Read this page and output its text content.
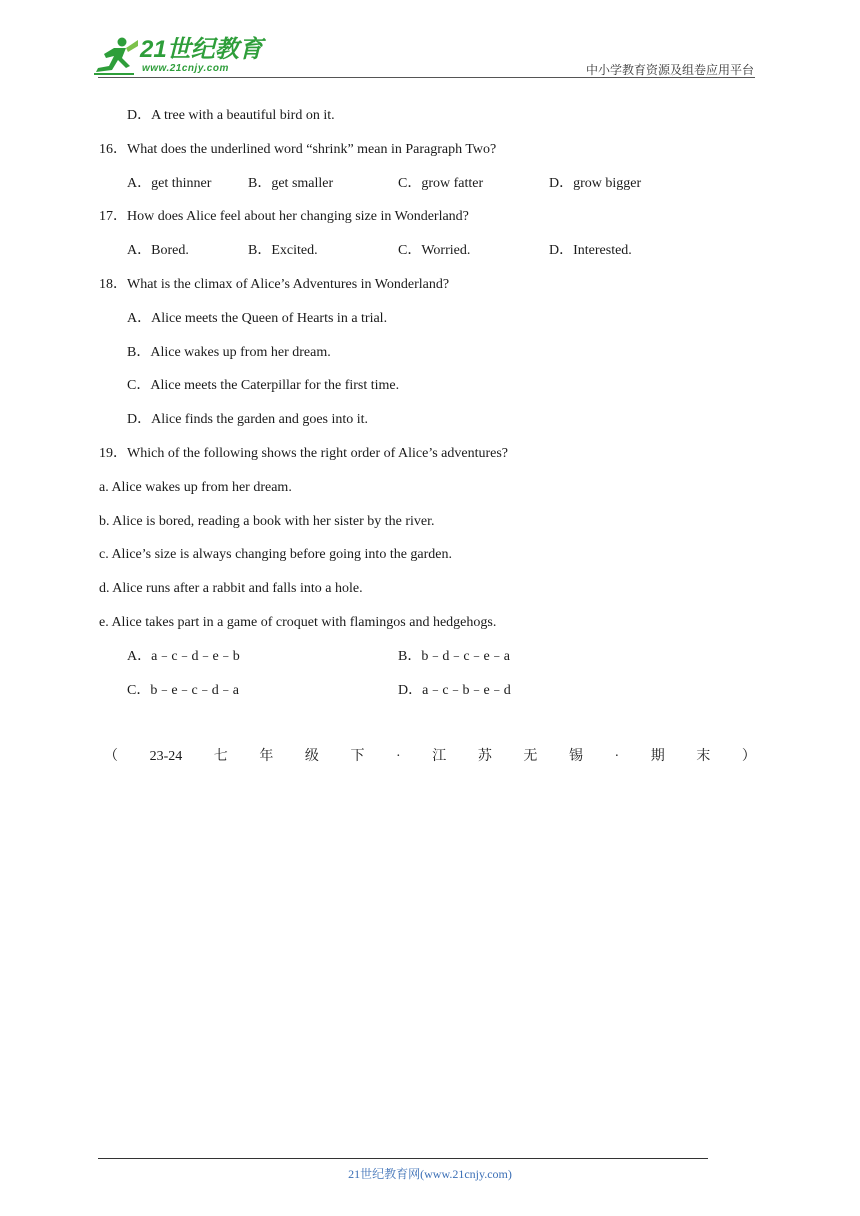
21世纪教育
www.21cnjy.com	中小学教育资源及组卷应用平台
D．A tree with a beautiful bird on it.
16．What does the underlined word “shrink” mean in Paragraph Two?
A．get thinner	B．get smaller	C．grow fatter	D．grow bigger
17．How does Alice feel about her changing size in Wonderland?
A．Bored.	B．Excited.	C．Worried.	D．Interested.
18．What is the climax of Alice’s Adventures in Wonderland?
A．Alice meets the Queen of Hearts in a trial.
B．Alice wakes up from her dream.
C．Alice meets the Caterpillar for the first time.
D．Alice finds the garden and goes into it.
19．Which of the following shows the right order of Alice’s adventures?
a. Alice wakes up from her dream.
b. Alice is bored, reading a book with her sister by the river.
c. Alice’s size is always changing before going into the garden.
d. Alice runs after a rabbit and falls into a hole.
e. Alice takes part in a game of croquet with flamingos and hedgehogs.
A．a﹣c﹣d﹣e﹣b	B．b﹣d﹣c﹣e﹣a
C．b﹣e﹣c﹣d﹣a	D．a﹣c﹣b﹣e﹣d
（ 23-24 七 年 级 下 · 江 苏 无 锡 · 期 末 ）
21世纪教育网(www.21cnjy.com)
